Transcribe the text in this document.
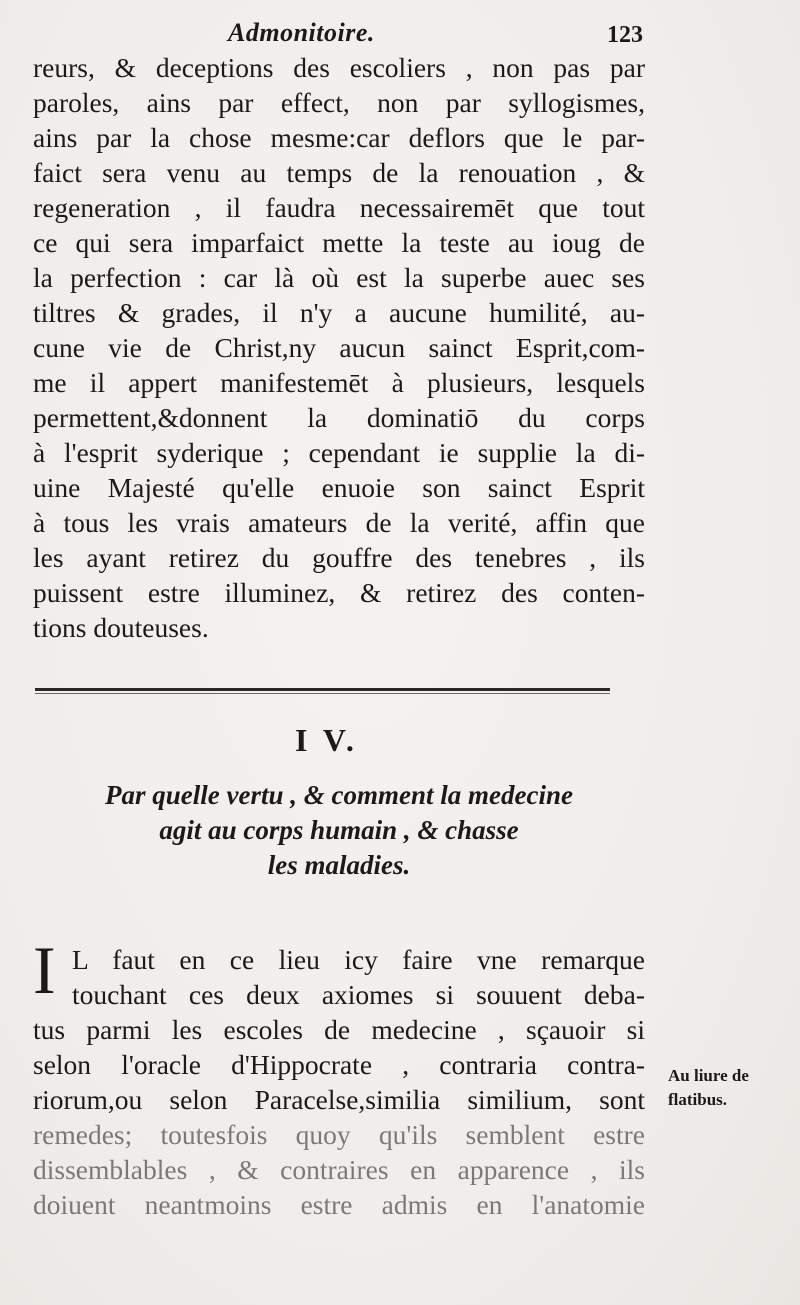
Admonitoire.	123
reurs, & deceptions des escoliers , non pas par
paroles, ains par effect, non par syllogismes,
ains par la chose mesme:car deflors que le par-
faict sera venu au temps de la renouation , &
regeneration , il faudra necessairemēt que tout
ce qui sera imparfaict mette la teste au ioug de
la perfection : car là où est la superbe auec ses
tiltres & grades, il n'y a aucune humilité, au-
cune vie de Christ,ny aucun sainct Esprit,com-
me il appert manifestemēt à plusieurs, lesquels
permettent,&donnent la dominatiō du corps
à l'esprit syderique ; cependant ie supplie la di-
uine Majesté qu'elle enuoie son sainct Esprit
à tous les vrais amateurs de la verité, affin que
les ayant retirez du gouffre des tenebres , ils
puissent estre illuminez, & retirez des conten-
tions douteuses.
I V.
Par quelle vertu , & comment la medecine
agit au corps humain , & chasse
les maladies.
I L faut en ce lieu icy faire vne remarque
touchant ces deux axiomes si souuent deba-
tus parmi les escoles de medecine , sçauoir si
selon l'oracle d'Hippocrate , contraria contra-
riorum,ou selon Paracelse,similia similium, sont
remedes; toutesfois quoy qu'ils semblent estre
dissemblables , & contraires en apparence , ils
doiuent neantmoins estre admis en l'anatomie
Au liure de
flatibus.
